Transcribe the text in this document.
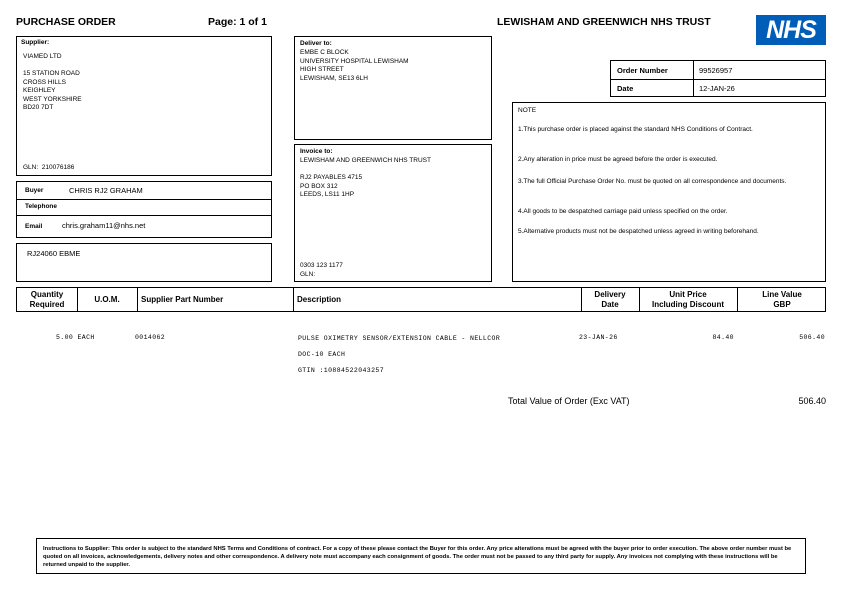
PURCHASE ORDER	Page: 1 of 1	LEWISHAM AND GREENWICH NHS TRUST	NHS
Supplier:
VIAMED LTD
15 STATION ROAD
CROSS HILLS
KEIGHLEY
WEST YORKSHIRE
BD20 7DT
GLN: 210076186
Buyer	CHRIS RJ2 GRAHAM
Telephone
Email	chris.graham11@nhs.net
RJ24060 EBME
Deliver to:
EMBE C BLOCK
UNIVERSITY HOSPITAL LEWISHAM
HIGH STREET
LEWISHAM, SE13 6LH
Invoice to:
LEWISHAM AND GREENWICH NHS TRUST
RJ2 PAYABLES 4715
PO BOX 312
LEEDS, LS11 1HP
0303 123 1177
GLN:
Order Number	99526957
Date	12-JAN-26
NOTE
1.This purchase order is placed against the standard NHS Conditions of Contract.
2.Any alteration in price must be agreed before the order is executed.
3.The full Official Purchase Order No. must be quoted on all correspondence and documents.
4.All goods to be despatched carriage paid unless specified on the order.
5.Alternative products must not be despatched unless agreed in writing beforehand.
Quantity
Required	U.O.M.	Supplier Part Number	Description
Delivery
Date
Unit Price
Including Discount
Line Value
GBP
5.00 EACH	0014062	PULSE OXIMETRY SENSOR/EXTENSION CABLE - NELLCOR
DOC-10 EACH
GTIN :10884522043257
23-JAN-26	84.40	506.40
Total Value of Order (Exc VAT)	506.40
Instructions to Supplier: This order is subject to the standard NHS Terms and Conditions of contract. For a copy of these please contact the Buyer for this order. Any price alterations must be agreed with the buyer prior to order execution. The above order number must be quoted on all invoices, acknowledgements, delivery notes and other correspondence. A delivery note must accompany each consignment of goods. The order must not be passed to any third party for supply. Any invoices not complying with these instructions will be returned unpaid to the supplier.
